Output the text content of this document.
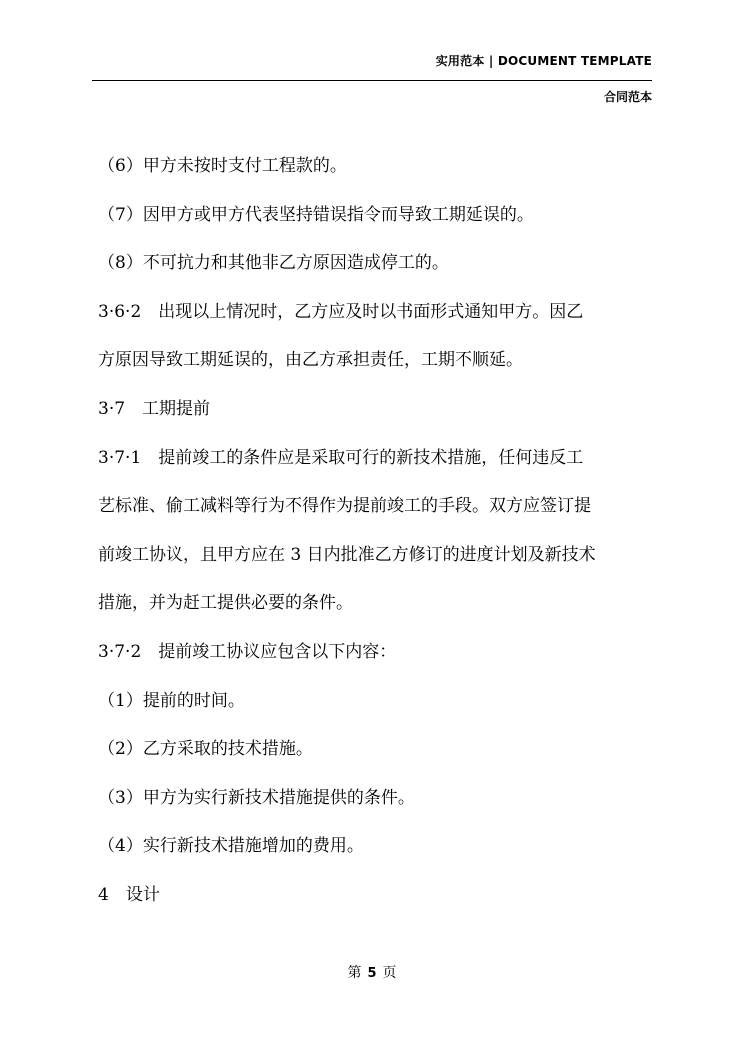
实用范本 | DOCUMENT TEMPLATE
合同范本
（6）甲方未按时支付工程款的。
（7）因甲方或甲方代表坚持错误指令而导致工期延误的。
（8）不可抗力和其他非乙方原因造成停工的。
3·6·2　出现以上情况时，乙方应及时以书面形式通知甲方。因乙
方原因导致工期延误的，由乙方承担责任，工期不顺延。
3·7　工期提前
3·7·1　提前竣工的条件应是采取可行的新技术措施，任何违反工
艺标准、偷工减料等行为不得作为提前竣工的手段。双方应签订提
前竣工协议，且甲方应在 3 日内批准乙方修订的进度计划及新技术
措施，并为赶工提供必要的条件。
3·7·2　提前竣工协议应包含以下内容：
（1）提前的时间。
（2）乙方采取的技术措施。
（3）甲方为实行新技术措施提供的条件。
（4）实行新技术措施增加的费用。
4　设计
第 5 页
